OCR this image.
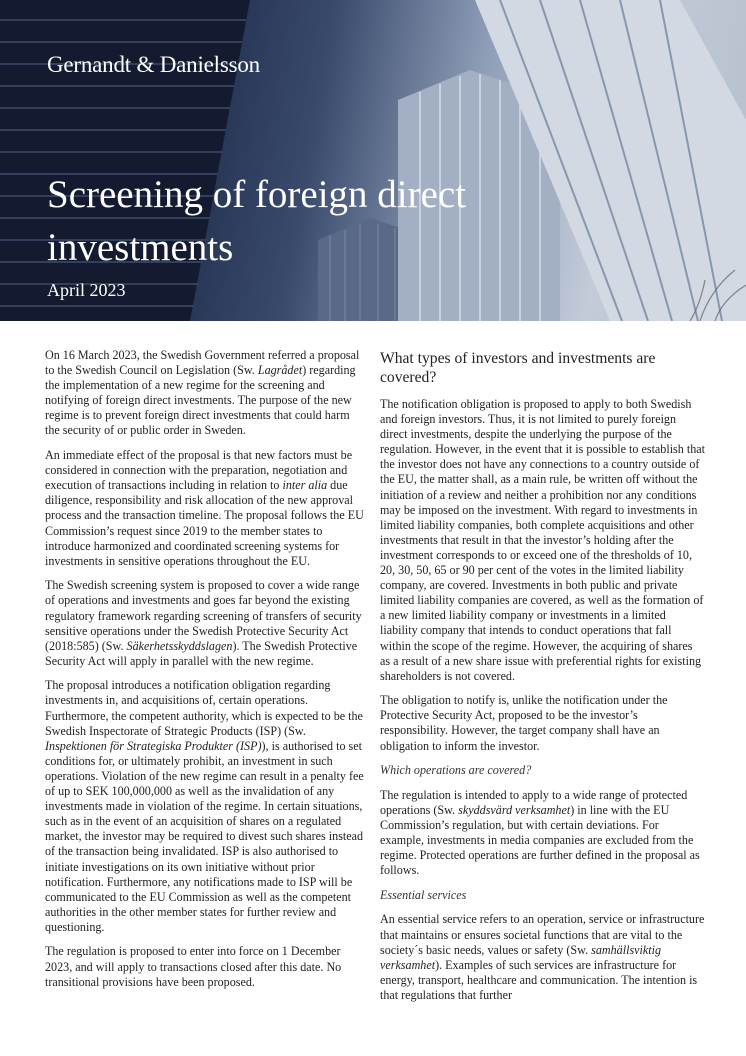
Gernandt & Danielsson
Screening of foreign direct investments
April 2023

On 16 March 2023, the Swedish Government referred a proposal to the Swedish Council on Legislation (Sw. Lagrådet) regarding the implementation of a new regime for the screening and notifying of foreign direct investments. The purpose of the new regime is to prevent foreign direct investments that could harm the security of or public order in Sweden.

An immediate effect of the proposal is that new factors must be considered in connection with the preparation, negotiation and execution of transactions including in relation to inter alia due diligence, responsibility and risk allocation of the new approval process and the transaction timeline. The proposal follows the EU Commission’s request since 2019 to the member states to introduce harmonized and coordinated screening systems for investments in sensitive operations throughout the EU.

The Swedish screening system is proposed to cover a wide range of operations and investments and goes far beyond the existing regulatory framework regarding screening of transfers of security sensitive operations under the Swedish Protective Security Act (2018:585) (Sw. Säkerhetsskyddslagen). The Swedish Protective Security Act will apply in parallel with the new regime.

The proposal introduces a notification obligation regarding investments in, and acquisitions of, certain operations. Furthermore, the competent authority, which is expected to be the Swedish Inspectorate of Strategic Products (ISP) (Sw. Inspektionen för Strategiska Produkter (ISP)), is authorised to set conditions for, or ultimately prohibit, an investment in such operations. Violation of the new regime can result in a penalty fee of up to SEK 100,000,000 as well as the invalidation of any investments made in violation of the regime. In certain situations, such as in the event of an acquisition of shares on a regulated market, the investor may be required to divest such shares instead of the transaction being invalidated. ISP is also authorised to initiate investigations on its own initiative without prior notification. Furthermore, any notifications made to ISP will be communicated to the EU Commission as well as the competent authorities in the other member states for further review and questioning.

The regulation is proposed to enter into force on 1 December 2023, and will apply to transactions closed after this date. No transitional provisions have been proposed.

What types of investors and investments are covered?

The notification obligation is proposed to apply to both Swedish and foreign investors. Thus, it is not limited to purely foreign direct investments, despite the underlying the purpose of the regulation. However, in the event that it is possible to establish that the investor does not have any connections to a country outside of the EU, the matter shall, as a main rule, be written off without the initiation of a review and neither a prohibition nor any conditions may be imposed on the investment. With regard to investments in limited liability companies, both complete acquisitions and other investments that result in that the investor’s holding after the investment corresponds to or exceed one of the thresholds of 10, 20, 30, 50, 65 or 90 per cent of the votes in the limited liability company, are covered. Investments in both public and private limited liability companies are covered, as well as the formation of a new limited liability company or investments in a limited liability company that intends to conduct operations that fall within the scope of the regime. However, the acquiring of shares as a result of a new share issue with preferential rights for existing shareholders is not covered.

The obligation to notify is, unlike the notification under the Protective Security Act, proposed to be the investor’s responsibility. However, the target company shall have an obligation to inform the investor.

Which operations are covered?

The regulation is intended to apply to a wide range of protected operations (Sw. skyddsvärd verksamhet) in line with the EU Commission’s regulation, but with certain deviations. For example, investments in media companies are excluded from the regime. Protected operations are further defined in the proposal as follows.

Essential services

An essential service refers to an operation, service or infrastructure that maintains or ensures societal functions that are vital to the society´s basic needs, values or safety (Sw. samhällsviktig verksamhet). Examples of such services are infrastructure for energy, transport, healthcare and communication. The intention is that regulations that further
